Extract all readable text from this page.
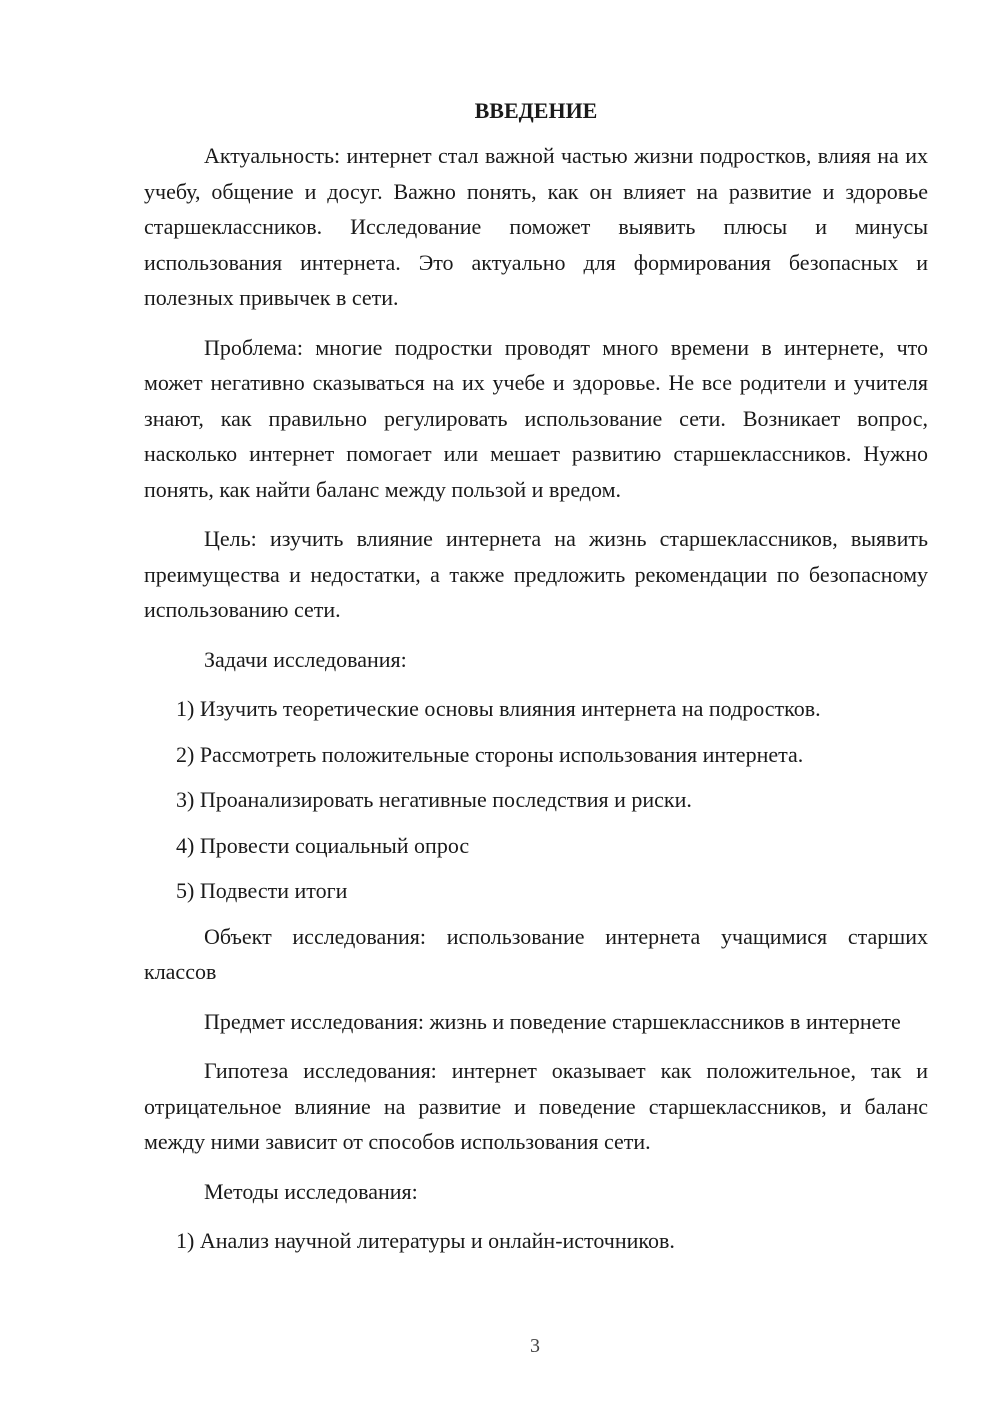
ВВЕДЕНИЕ

Актуальность: интернет стал важной частью жизни подростков, влияя на их учебу, общение и досуг. Важно понять, как он влияет на развитие и здоровье старшеклассников. Исследование поможет выявить плюсы и минусы использования интернета. Это актуально для формирования безопасных и полезных привычек в сети.

Проблема: многие подростки проводят много времени в интернете, что может негативно сказываться на их учебе и здоровье. Не все родители и учителя знают, как правильно регулировать использование сети. Возникает вопрос, насколько интернет помогает или мешает развитию старшеклассников. Нужно понять, как найти баланс между пользой и вредом.

Цель: изучить влияние интернета на жизнь старшеклассников, выявить преимущества и недостатки, а также предложить рекомендации по безопасному использованию сети.

Задачи исследования:

1) Изучить теоретические основы влияния интернета на подростков.
2) Рассмотреть положительные стороны использования интернета.
3) Проанализировать негативные последствия и риски.
4) Провести социальный опрос
5) Подвести итоги

Объект исследования: использование интернета учащимися старших классов

Предмет исследования: жизнь и поведение старшеклассников в интернете

Гипотеза исследования: интернет оказывает как положительное, так и отрицательное влияние на развитие и поведение старшеклассников, и баланс между ними зависит от способов использования сети.

Методы исследования:

1) Анализ научной литературы и онлайн-источников.
3
